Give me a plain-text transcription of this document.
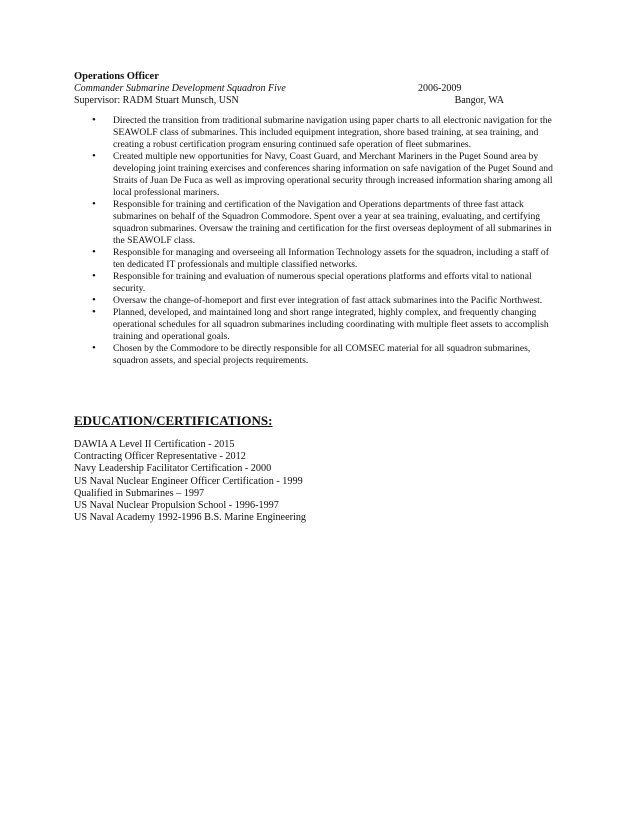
Operations Officer
Commander Submarine Development Squadron Five	2006-2009
Supervisor: RADM Stuart Munsch, USN	Bangor, WA
• Directed the transition from traditional submarine navigation using paper charts to all electronic navigation for the SEAWOLF class of submarines. This included equipment integration, shore based training, at sea training, and creating a robust certification program ensuring continued safe operation of fleet submarines.
• Created multiple new opportunities for Navy, Coast Guard, and Merchant Mariners in the Puget Sound area by developing joint training exercises and conferences sharing information on safe navigation of the Puget Sound and Straits of Juan De Fuca as well as improving operational security through increased information sharing among all local professional mariners.
• Responsible for training and certification of the Navigation and Operations departments of three fast attack submarines on behalf of the Squadron Commodore. Spent over a year at sea training, evaluating, and certifying squadron submarines. Oversaw the training and certification for the first overseas deployment of all submarines in the SEAWOLF class.
• Responsible for managing and overseeing all Information Technology assets for the squadron, including a staff of ten dedicated IT professionals and multiple classified networks.
• Responsible for training and evaluation of numerous special operations platforms and efforts vital to national security.
• Oversaw the change-of-homeport and first ever integration of fast attack submarines into the Pacific Northwest.
• Planned, developed, and maintained long and short range integrated, highly complex, and frequently changing operational schedules for all squadron submarines including coordinating with multiple fleet assets to accomplish training and operational goals.
• Chosen by the Commodore to be directly responsible for all COMSEC material for all squadron submarines, squadron assets, and special projects requirements.
EDUCATION/CERTIFICATIONS:
DAWIA A Level II Certification - 2015
Contracting Officer Representative - 2012
Navy Leadership Facilitator Certification - 2000
US Naval Nuclear Engineer Officer Certification - 1999
Qualified in Submarines – 1997
US Naval Nuclear Propulsion School - 1996-1997
US Naval Academy 1992-1996 B.S. Marine Engineering
